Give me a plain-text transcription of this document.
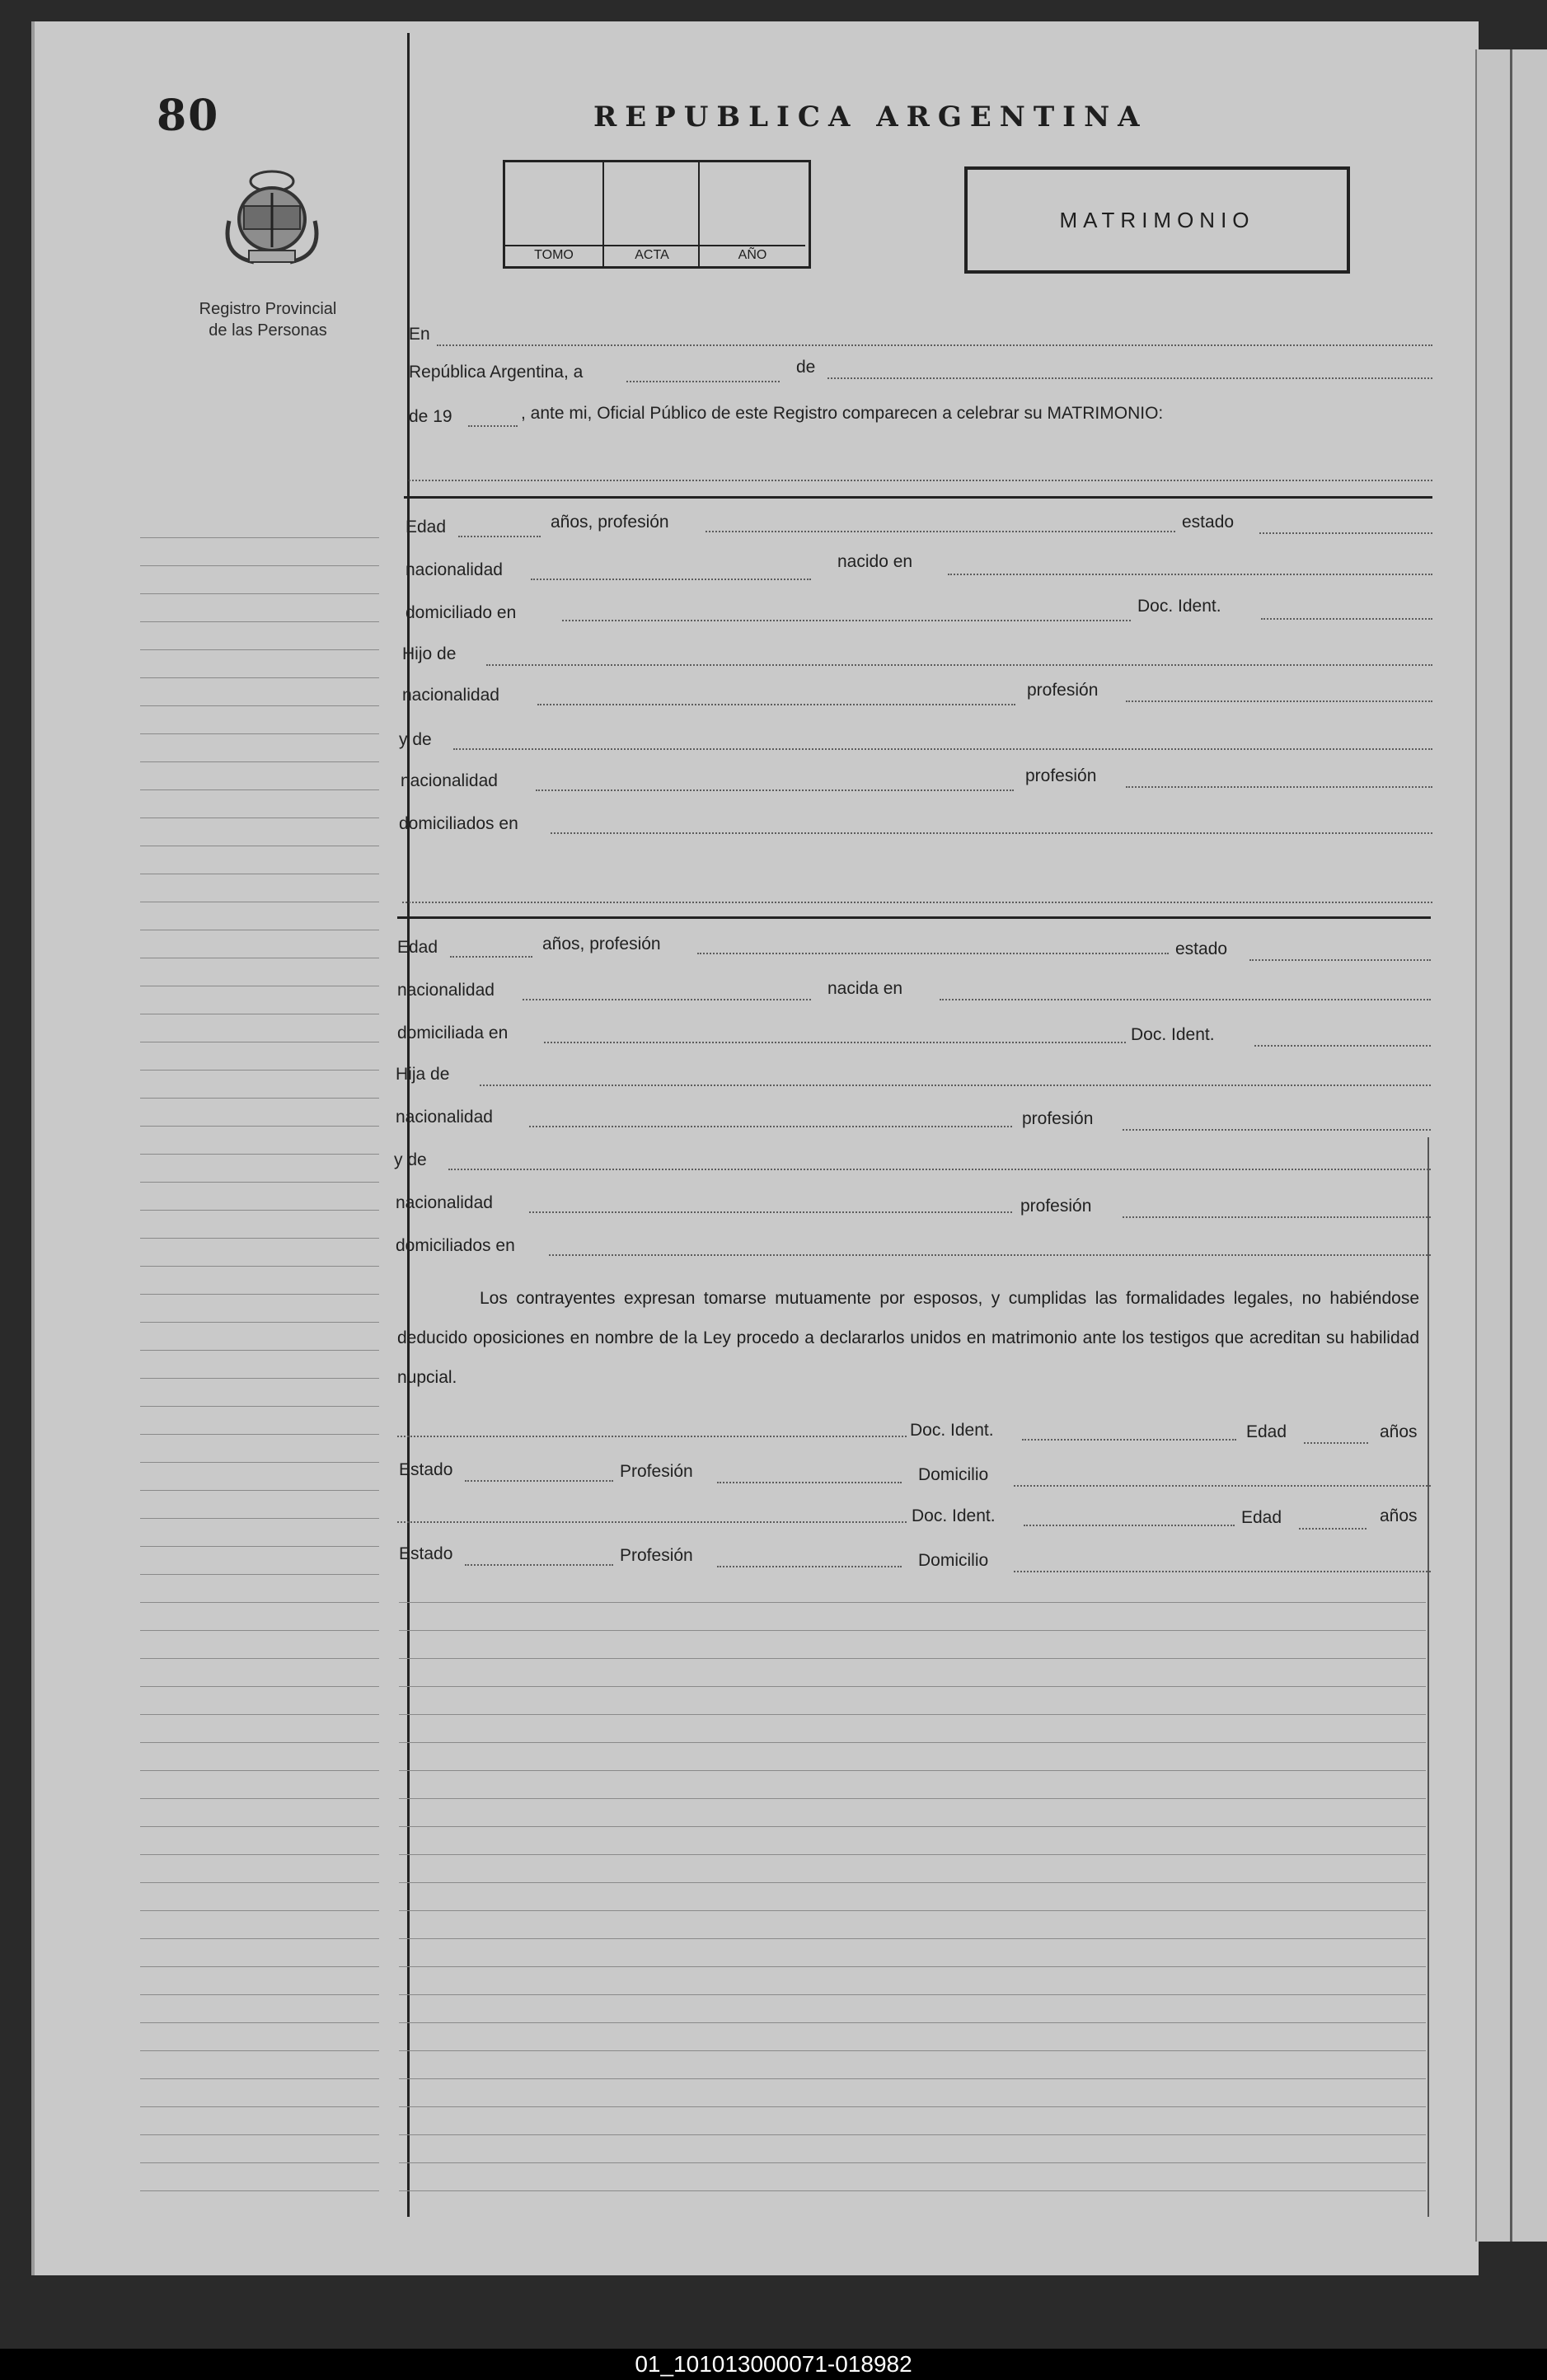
80
Registro Provincial
de las Personas
REPUBLICA ARGENTINA
TOMO	ACTA	AÑO
MATRIMONIO
En
República Argentina, a	de
de 19	, ante mi, Oficial Público de este Registro comparecen a celebrar su MATRIMONIO:
Edad	años, profesión	estado
nacionalidad	nacido en
domiciliado en	Doc. Ident.
Hijo de
nacionalidad	profesión
y de
nacionalidad	profesión
domiciliados en
Edad	años, profesión	estado
nacionalidad	nacida en
domiciliada en	Doc. Ident.
Hija de
nacionalidad	profesión
y de
nacionalidad	profesión
domiciliados en
Los contrayentes expresan tomarse mutuamente por esposos, y cumplidas las formalidades legales, no habiéndose deducido oposiciones en nombre de la Ley procedo a declararlos unidos en matrimonio ante los testigos que acreditan su habilidad nupcial.
Doc. Ident.	Edad	años
Estado	Profesión	Domicilio
Doc. Ident.	Edad	años
Estado	Profesión	Domicilio
01_101013000071-018982
